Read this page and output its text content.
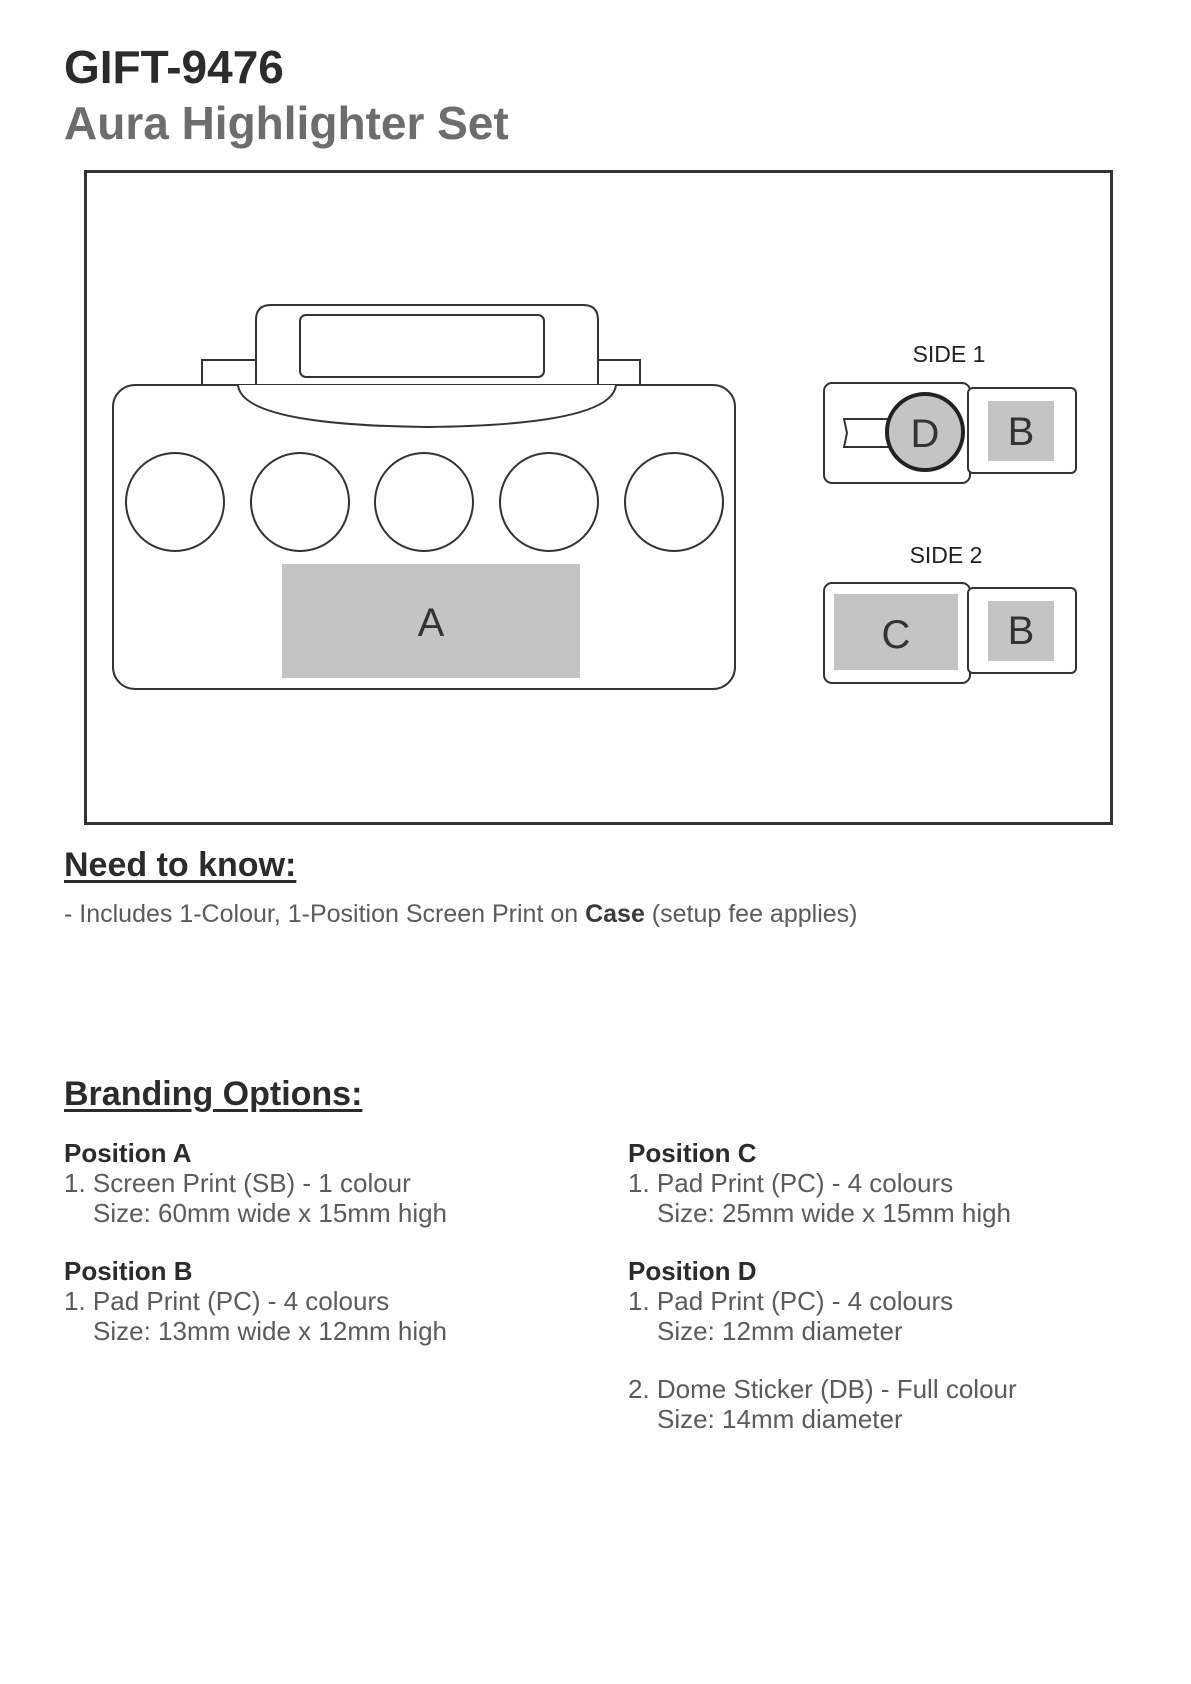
GIFT-9476
Aura Highlighter Set
A
SIDE 1
D B
SIDE 2
C B
Need to know:
- Includes 1-Colour, 1-Position Screen Print on Case (setup fee applies)
Branding Options:
Position A
1. Screen Print (SB) - 1 colour
Size: 60mm wide x 15mm high
Position B
1. Pad Print (PC) - 4 colours
Size: 13mm wide x 12mm high
Position C
1. Pad Print (PC) - 4 colours
Size: 25mm wide x 15mm high
Position D
1. Pad Print (PC) - 4 colours
Size: 12mm diameter
2. Dome Sticker (DB) - Full colour
Size: 14mm diameter
